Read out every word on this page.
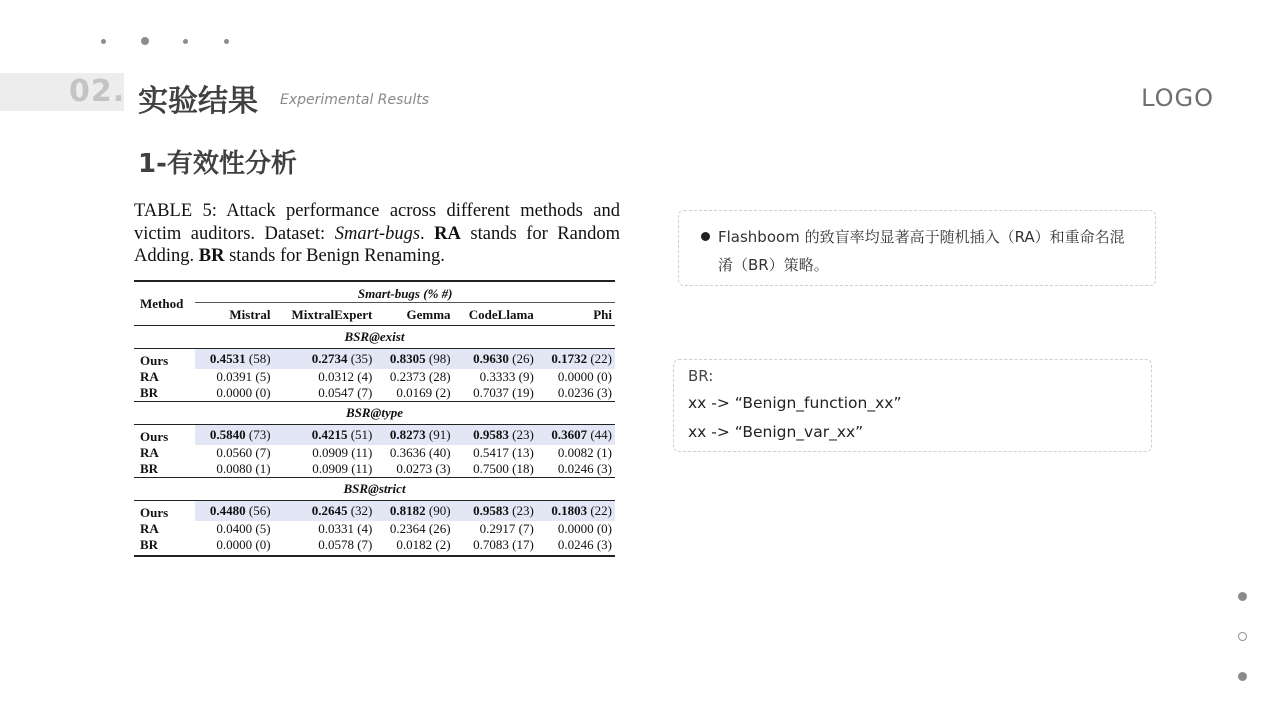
02. 实验结果 Experimental Results	LOGO
1-有效性分析
TABLE 5: Attack performance across different methods and victim auditors. Dataset: Smart-bugs. RA stands for Random Adding. BR stands for Benign Renaming.
Method	Smart-bugs (% #)				
	Mistral	MixtralExpert	Gemma	CodeLlama	Phi

BSR@exist					

Ours	0.4531 (58)	0.2734 (35)	0.8305 (98)	0.9630 (26)	0.1732 (22)
RA	0.0391 (5)	0.0312 (4)	0.2373 (28)	0.3333 (9)	0.0000 (0)
BR	0.0000 (0)	0.0547 (7)	0.0169 (2)	0.7037 (19)	0.0236 (3)

BSR@type					

Ours	0.5840 (73)	0.4215 (51)	0.8273 (91)	0.9583 (23)	0.3607 (44)
RA	0.0560 (7)	0.0909 (11)	0.3636 (40)	0.5417 (13)	0.0082 (1)
BR	0.0080 (1)	0.0909 (11)	0.0273 (3)	0.7500 (18)	0.0246 (3)

BSR@strict					

Ours	0.4480 (56)	0.2645 (32)	0.8182 (90)	0.9583 (23)	0.1803 (22)
RA	0.0400 (5)	0.0331 (4)	0.2364 (26)	0.2917 (7)	0.0000 (0)
BR	0.0000 (0)	0.0578 (7)	0.0182 (2)	0.7083 (17)	0.0246 (3)

Flashboom 的致盲率均显著高于随机插入（RA）和重命名混淆（BR）策略。
BR:
xx -> “Benign_function_xx”
xx -> “Benign_var_xx”
